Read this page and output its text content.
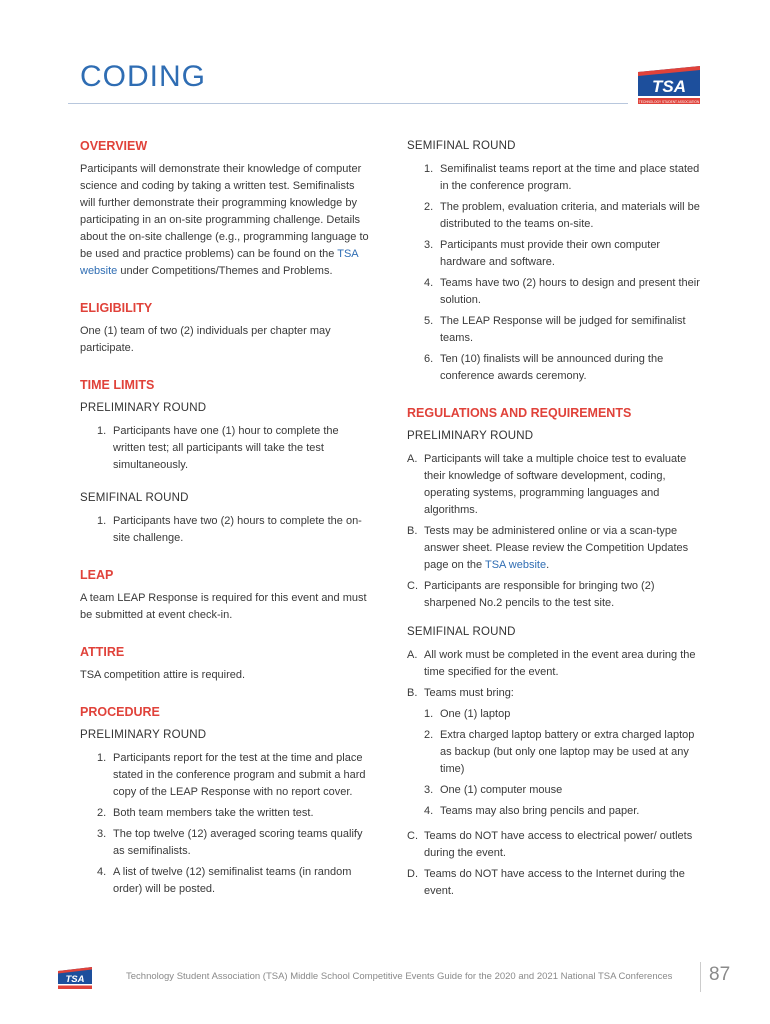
CODING	TSA
TECHNOLOGY STUDENT ASSOCIATION
OVERVIEW

Participants will demonstrate their knowledge of computer science and coding by taking a written test. Semifinalists will further demonstrate their programming knowledge by participating in an on-site programming challenge. Details about the on-site challenge (e.g., programming language to be used and practice problems) can be found on the TSA website under Competitions/Themes and Problems.

ELIGIBILITY

One (1) team of two (2) individuals per chapter may participate.

TIME LIMITS
PRELIMINARY ROUND
1. Participants have one (1) hour to complete the written test; all participants will take the test simultaneously.
SEMIFINAL ROUND
1. Participants have two (2) hours to complete the on-site challenge.
LEAP

A team LEAP Response is required for this event and must be submitted at event check-in.

ATTIRE

TSA competition attire is required.

PROCEDURE
PRELIMINARY ROUND
1. Participants report for the test at the time and place stated in the conference program and submit a hard copy of the LEAP Response with no report cover.
2. Both team members take the written test.
3. The top twelve (12) averaged scoring teams qualify as semifinalists.
4. A list of twelve (12) semifinalist teams (in random order) will be posted.
SEMIFINAL ROUND
1. Semifinalist teams report at the time and place stated in the conference program.
2. The problem, evaluation criteria, and materials will be distributed to the teams on-site.
3. Participants must provide their own computer hardware and software.
4. Teams have two (2) hours to design and present their solution.
5. The LEAP Response will be judged for semifinalist teams.
6. Ten (10) finalists will be announced during the conference awards ceremony.
REGULATIONS AND REQUIREMENTS
PRELIMINARY ROUND
A. Participants will take a multiple choice test to evaluate their knowledge of software development, coding, operating systems, programming languages and algorithms.
B. Tests may be administered online or via a scan-type answer sheet. Please review the Competition Updates page on the TSA website.
C. Participants are responsible for bringing two (2) sharpened No.2 pencils to the test site.
SEMIFINAL ROUND
A. All work must be completed in the event area during the time specified for the event.
B. Teams must bring:
1. One (1) laptop
2. Extra charged laptop battery or extra charged laptop as backup (but only one laptop may be used at any time)
3. One (1) computer mouse
4. Teams may also bring pencils and paper.
C. Teams do NOT have access to electrical power/ outlets during the event.
D. Teams do NOT have access to the Internet during the event.
TSA	Technology Student Association (TSA) Middle School Competitive Events Guide for the 2020 and 2021 National TSA Conferences 87
